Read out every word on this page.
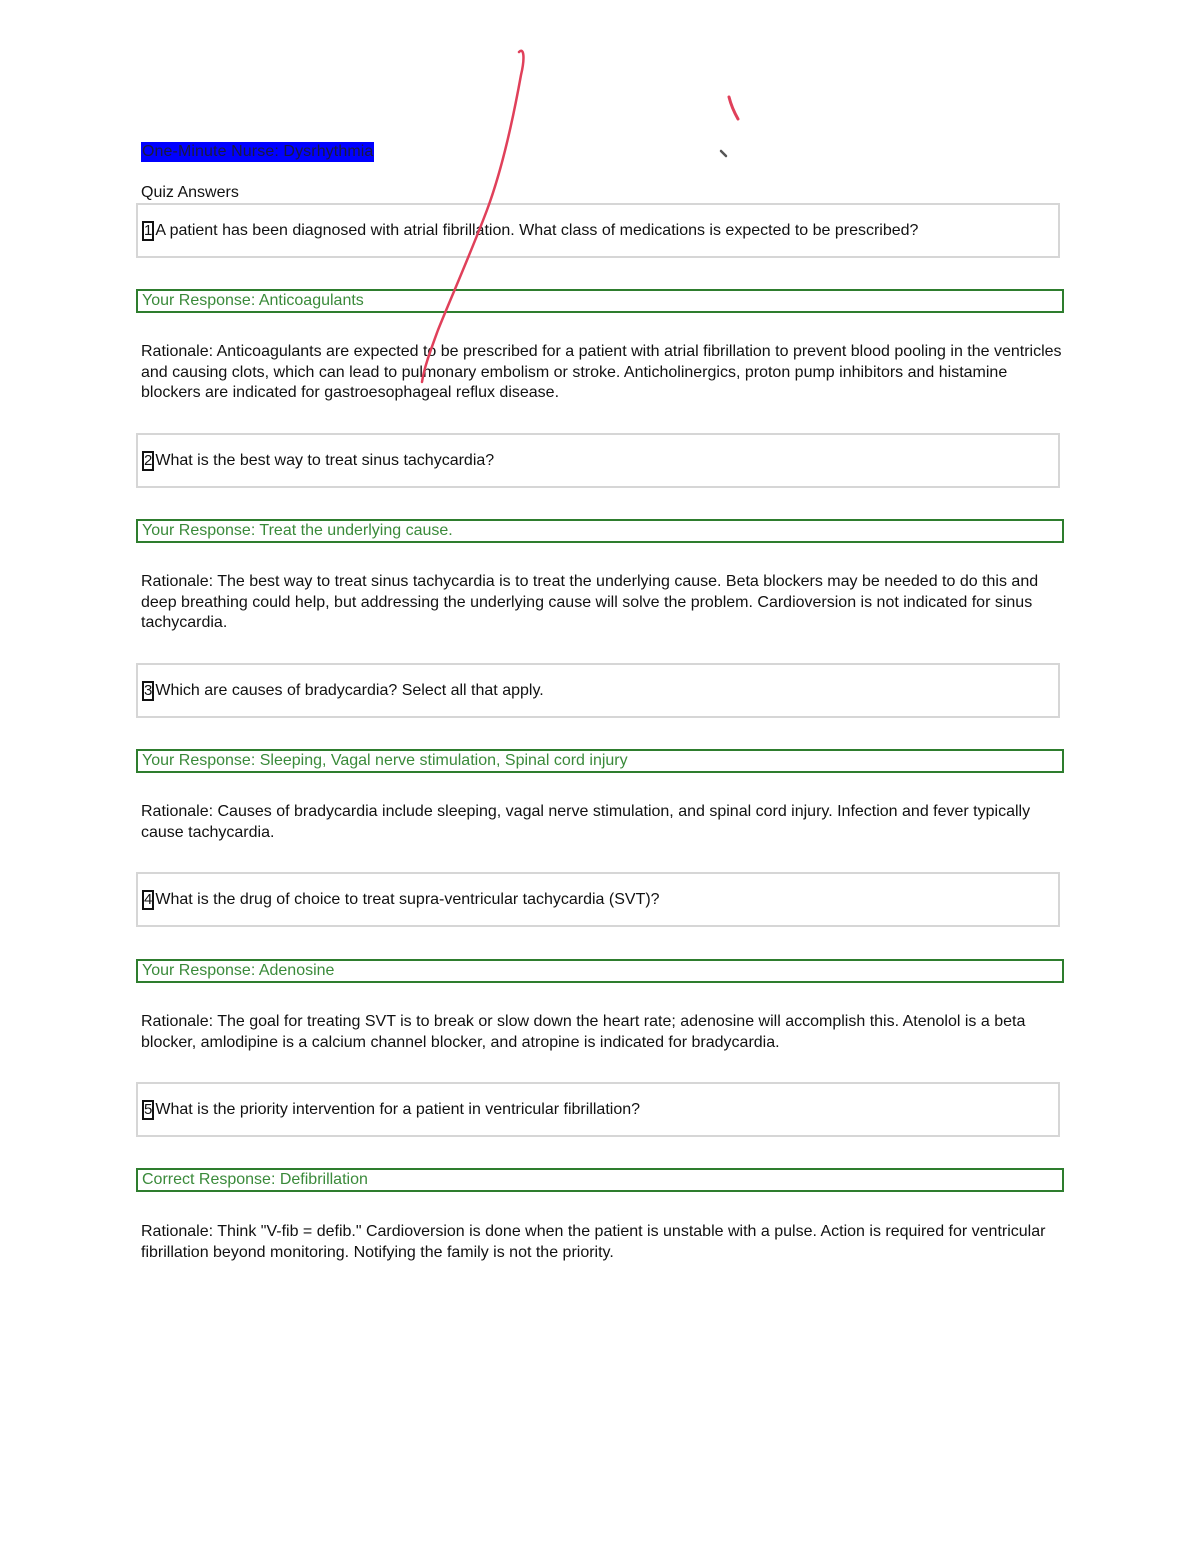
One-Minute Nurse: Dysrhythmia
Quiz Answers
1 A patient has been diagnosed with atrial fibrillation. What class of medications is expected to be prescribed?
Your Response: Anticoagulants
Rationale: Anticoagulants are expected to be prescribed for a patient with atrial fibrillation to prevent blood pooling in the ventricles and causing clots, which can lead to pulmonary embolism or stroke. Anticholinergics, proton pump inhibitors and histamine blockers are indicated for gastroesophageal reflux disease.
2 What is the best way to treat sinus tachycardia?
Your Response: Treat the underlying cause.
Rationale: The best way to treat sinus tachycardia is to treat the underlying cause. Beta blockers may be needed to do this and deep breathing could help, but addressing the underlying cause will solve the problem. Cardioversion is not indicated for sinus tachycardia.
3 Which are causes of bradycardia? Select all that apply.
Your Response: Sleeping, Vagal nerve stimulation, Spinal cord injury
Rationale: Causes of bradycardia include sleeping, vagal nerve stimulation, and spinal cord injury. Infection and fever typically cause tachycardia.
4 What is the drug of choice to treat supra-ventricular tachycardia (SVT)?
Your Response: Adenosine
Rationale: The goal for treating SVT is to break or slow down the heart rate; adenosine will accomplish this. Atenolol is a beta blocker, amlodipine is a calcium channel blocker, and atropine is indicated for bradycardia.
5 What is the priority intervention for a patient in ventricular fibrillation?
Correct Response: Defibrillation
Rationale: Think "V-fib = defib." Cardioversion is done when the patient is unstable with a pulse. Action is required for ventricular fibrillation beyond monitoring. Notifying the family is not the priority.
